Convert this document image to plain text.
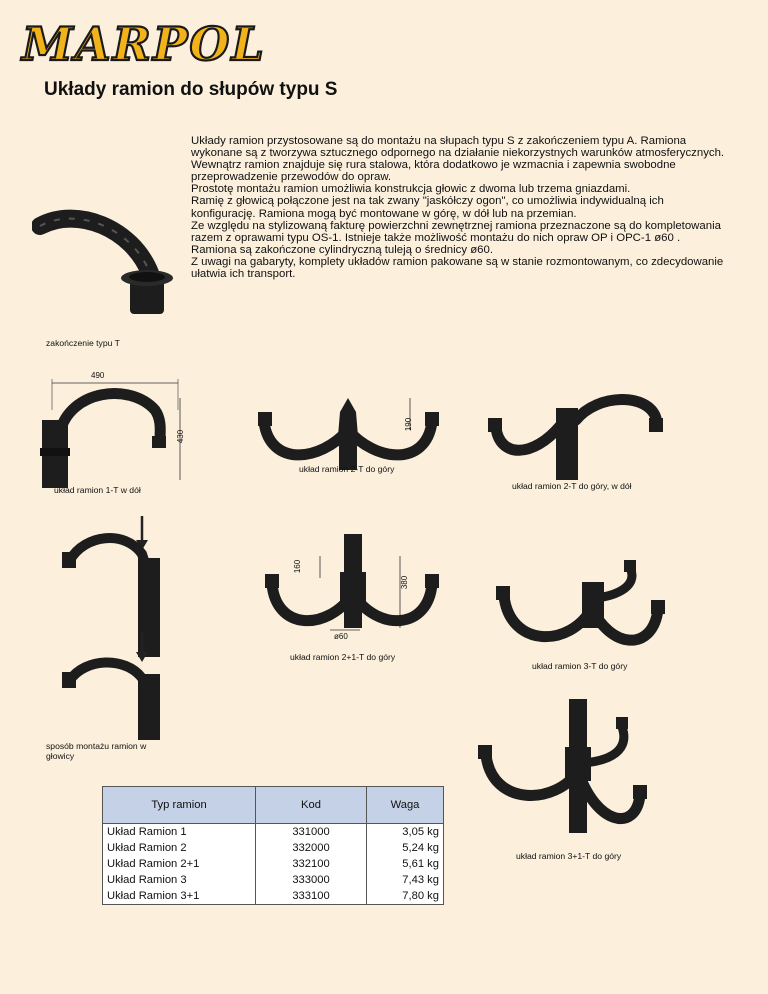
MARPOL
Układy ramion do słupów typu S

Układy ramion przystosowane są do montażu na słupach typu S z zakończeniem typu A. Ramiona wykonane są z tworzywa sztucznego odpornego na działanie niekorzystnych warunków atmosferycznych.

Wewnątrz ramion znajduje się rura stalowa, która dodatkowo je wzmacnia i zapewnia swobodne przeprowadzenie przewodów do opraw.

Prostotę montażu ramion umożliwia konstrukcja głowic z dwoma lub trzema gniazdami.

Ramię z głowicą połączone jest na tak zwany "jaskółczy ogon", co umożliwia indywidualną ich konfigurację. Ramiona mogą być montowane w górę, w dół lub na przemian.

Ze względu na stylizowaną fakturę powierzchni zewnętrznej ramiona przeznaczone są do kompletowania razem z oprawami typu OS-1. Istnieje także możliwość montażu do nich opraw OP i OPC-1 ø60 .

Ramiona są zakończone cylindryczną tuleją o średnicy ø60.

Z uwagi na gabaryty, komplety układów ramion pakowane są w stanie rozmontowanym, co zdecydowanie ułatwia ich transport.

zakończenie typu T
490
430
układ ramion 1-T w dół
190
układ ramion 2-T do góry
układ ramion 2-T do góry, w dół
sposób montażu ramion w głowicy
160
380
ø60
układ ramion 2+1-T do góry
układ ramion 3-T do góry
układ ramion 3+1-T do góry
Typ ramion	Kod	Waga
Układ Ramion 1	331000	3,05 kg
Układ Ramion 2	332000	5,24 kg
Układ Ramion 2+1	332100	5,61 kg
Układ Ramion 3	333000	7,43 kg
Układ Ramion 3+1	333100	7,80 kg
